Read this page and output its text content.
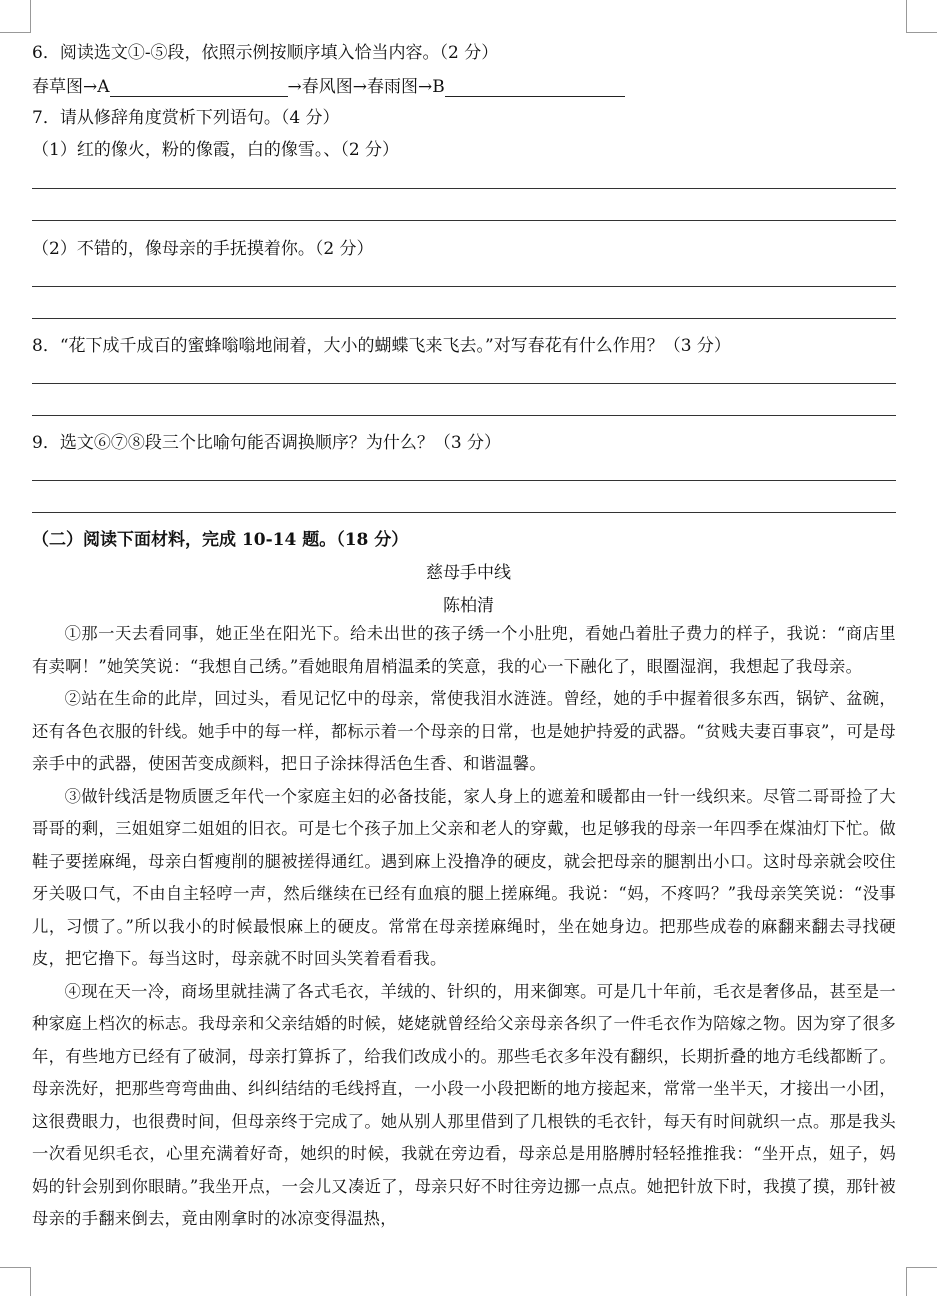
6．阅读选文①-⑤段，依照示例按顺序填入恰当内容。（2 分）
春草图→A	→春风图→春雨图→B
7．请从修辞角度赏析下列语句。（4 分）
（1）红的像火，粉的像霞，白的像雪。、（2 分）
（2）不错的，像母亲的手抚摸着你。（2 分）
8．“花下成千成百的蜜蜂嗡嗡地闹着，大小的蝴蝶飞来飞去。”对写春花有什么作用？（3 分）
9．选文⑥⑦⑧段三个比喻句能否调换顺序？为什么？（3 分）
（二）阅读下面材料，完成 10-14 题。（18 分）
慈母手中线
陈柏清

①那一天去看同事，她正坐在阳光下。给未出世的孩子绣一个小肚兜，看她凸着肚子费力的样子，我说：“商店里有卖啊！”她笑笑说：“我想自己绣。”看她眼角眉梢温柔的笑意，我的心一下融化了，眼圈湿润，我想起了我母亲。

②站在生命的此岸，回过头，看见记忆中的母亲，常使我泪水涟涟。曾经，她的手中握着很多东西，锅铲、盆碗，还有各色衣服的针线。她手中的每一样，都标示着一个母亲的日常，也是她护持爱的武器。“贫贱夫妻百事哀”，可是母亲手中的武器，使困苦变成颜料，把日子涂抹得活色生香、和谐温馨。

③做针线活是物质匮乏年代一个家庭主妇的必备技能，家人身上的遮羞和暖都由一针一线织来。尽管二哥哥捡了大哥哥的剩，三姐姐穿二姐姐的旧衣。可是七个孩子加上父亲和老人的穿戴，也足够我的母亲一年四季在煤油灯下忙。做鞋子要搓麻绳，母亲白皙瘦削的腿被搓得通红。遇到麻上没撸净的硬皮，就会把母亲的腿割出小口。这时母亲就会咬住牙关吸口气，不由自主轻哼一声，然后继续在已经有血痕的腿上搓麻绳。我说：“妈，不疼吗？”我母亲笑笑说：“没事儿，习惯了。”所以我小的时候最恨麻上的硬皮。常常在母亲搓麻绳时，坐在她身边。把那些成卷的麻翻来翻去寻找硬皮，把它撸下。每当这时，母亲就不时回头笑着看看我。

④现在天一冷，商场里就挂满了各式毛衣，羊绒的、针织的，用来御寒。可是几十年前，毛衣是奢侈品，甚至是一种家庭上档次的标志。我母亲和父亲结婚的时候，姥姥就曾经给父亲母亲各织了一件毛衣作为陪嫁之物。因为穿了很多年，有些地方已经有了破洞，母亲打算拆了，给我们改成小的。那些毛衣多年没有翻织，长期折叠的地方毛线都断了。母亲洗好，把那些弯弯曲曲、纠纠结结的毛线捋直，一小段一小段把断的地方接起来，常常一坐半天，才接出一小团，这很费眼力，也很费时间，但母亲终于完成了。她从别人那里借到了几根铁的毛衣针，每天有时间就织一点。那是我头一次看见织毛衣，心里充满着好奇，她织的时候，我就在旁边看，母亲总是用胳膊肘轻轻推推我：“坐开点，妞子，妈妈的针会别到你眼睛。”我坐开点，一会儿又凑近了，母亲只好不时往旁边挪一点点。她把针放下时，我摸了摸，那针被母亲的手翻来倒去，竟由刚拿时的冰凉变得温热，
